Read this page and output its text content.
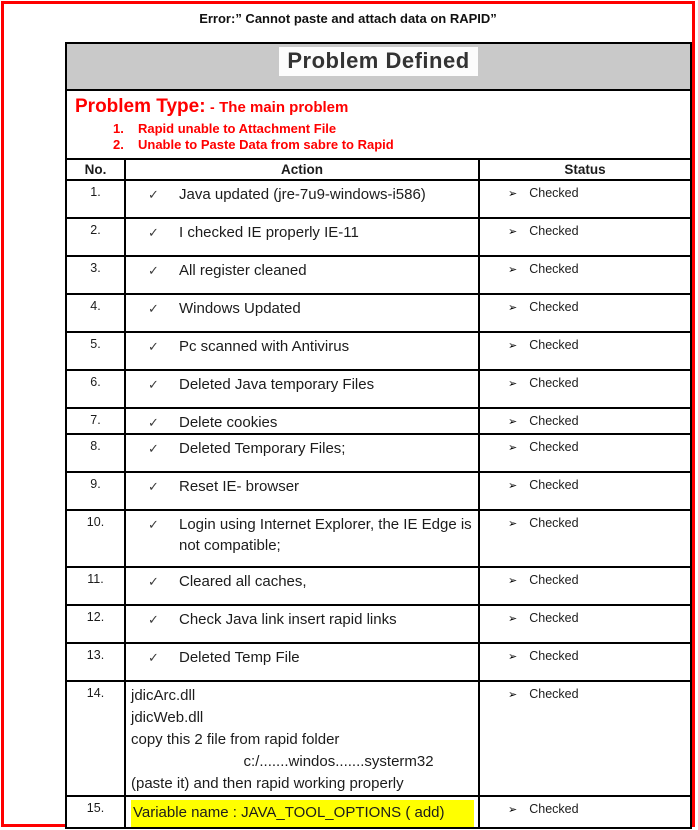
Error:” Cannot paste and attach data on RAPID”
Problem Defined
Problem Type: - The main problem
1. Rapid unable to Attachment File
2. Unable to Paste Data from sabre to Rapid
No.	Action	Status
1.	✓ Java updated (jre-7u9-windows-i586)	➢ Checked
2.	✓ I checked IE properly IE-11	➢ Checked
3.	✓ All register cleaned	➢ Checked
4.	✓ Windows Updated	➢ Checked
5.	✓ Pc scanned with Antivirus	➢ Checked
6.	✓ Deleted Java temporary Files	➢ Checked
7.	✓ Delete cookies	➢ Checked
8.	✓ Deleted Temporary Files;	➢ Checked
9.	✓ Reset IE- browser	➢ Checked
10.	✓ Login using Internet Explorer, the IE Edge is not compatible;	➢ Checked
11.	✓ Cleared all caches,	➢ Checked
12.	✓ Check Java link insert rapid links	➢ Checked
13.	✓ Deleted Temp File	➢ Checked
14.	jdicArc.dll
jdicWeb.dll
copy this 2 file from rapid folder
c:/.......windos.......systerm32
(paste it) and then rapid working properly	➢ Checked
15.	Variable name : JAVA_TOOL_OPTIONS ( add)	➢ Checked
